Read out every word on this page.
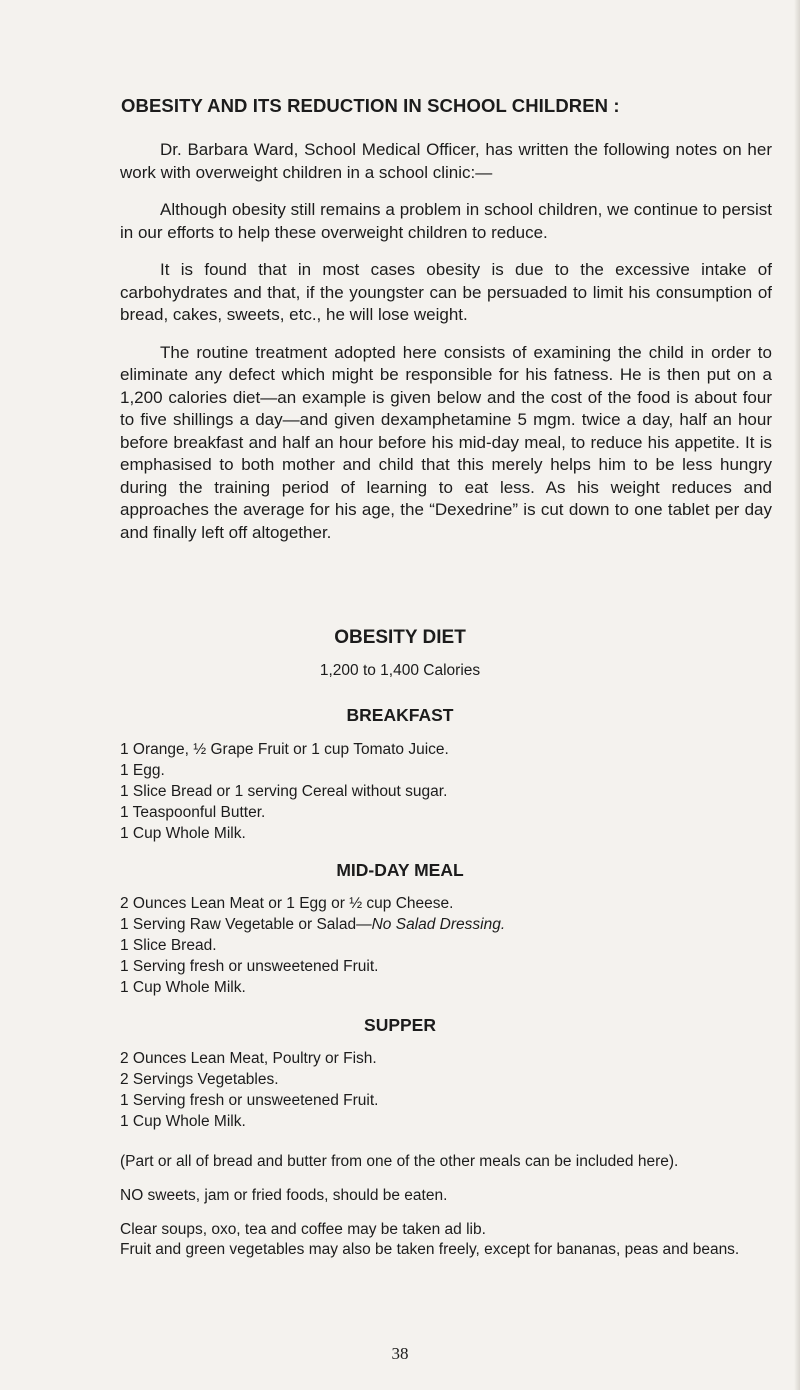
OBESITY AND ITS REDUCTION IN SCHOOL CHILDREN :

Dr. Barbara Ward, School Medical Officer, has written the following notes on her work with overweight children in a school clinic:—

Although obesity still remains a problem in school children, we continue to persist in our efforts to help these overweight children to reduce.

It is found that in most cases obesity is due to the excessive intake of carbohydrates and that, if the youngster can be persuaded to limit his consumption of bread, cakes, sweets, etc., he will lose weight.

The routine treatment adopted here consists of examining the child in order to eliminate any defect which might be responsible for his fatness. He is then put on a 1,200 calories diet—an example is given below and the cost of the food is about four to five shillings a day—and given dexamphetamine 5 mgm. twice a day, half an hour before breakfast and half an hour before his mid-day meal, to reduce his appetite. It is emphasised to both mother and child that this merely helps him to be less hungry during the training period of learning to eat less. As his weight reduces and approaches the average for his age, the “Dexedrine” is cut down to one tablet per day and finally left off altogether.

OBESITY DIET
1,200 to 1,400 Calories
BREAKFAST
1 Orange, ½ Grape Fruit or 1 cup Tomato Juice.
1 Egg.
1 Slice Bread or 1 serving Cereal without sugar.
1 Teaspoonful Butter.
1 Cup Whole Milk.
MID-DAY MEAL
2 Ounces Lean Meat or 1 Egg or ½ cup Cheese.
1 Serving Raw Vegetable or Salad—No Salad Dressing.
1 Slice Bread.
1 Serving fresh or unsweetened Fruit.
1 Cup Whole Milk.
SUPPER
2 Ounces Lean Meat, Poultry or Fish.
2 Servings Vegetables.
1 Serving fresh or unsweetened Fruit.
1 Cup Whole Milk.

(Part or all of bread and butter from one of the other meals can be included here).

NO sweets, jam or fried foods, should be eaten.

Clear soups, oxo, tea and coffee may be taken ad lib.
Fruit and green vegetables may also be taken freely, except for bananas, peas and beans.

38
